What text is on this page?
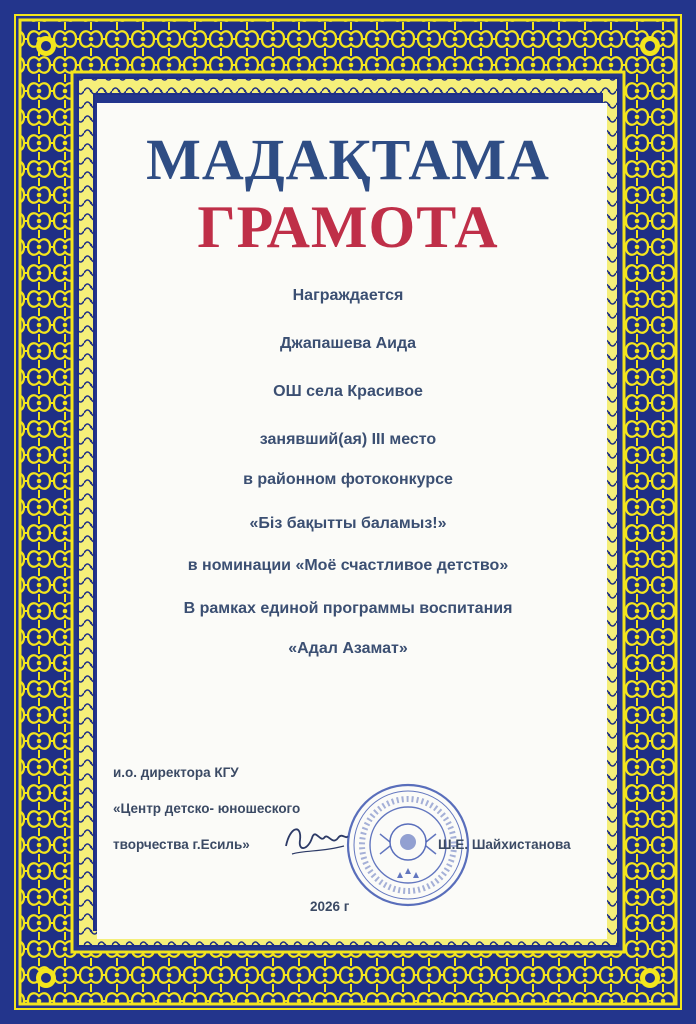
МАДАҚТАМА
ГРАМОТА

Награждается

Джапашева Аида

ОШ села Красивое

занявший(ая) III место

в районном фотоконкурсе

«Біз бақытты баламыз!»

в номинации «Моё счастливое детство»

В рамках единой программы воспитания

«Адал Азамат»

и.о. директора КГУ

«Центр детско- юношеского

творчества г.Есиль»	Ш.Е. Шайхистанова

2026 г
